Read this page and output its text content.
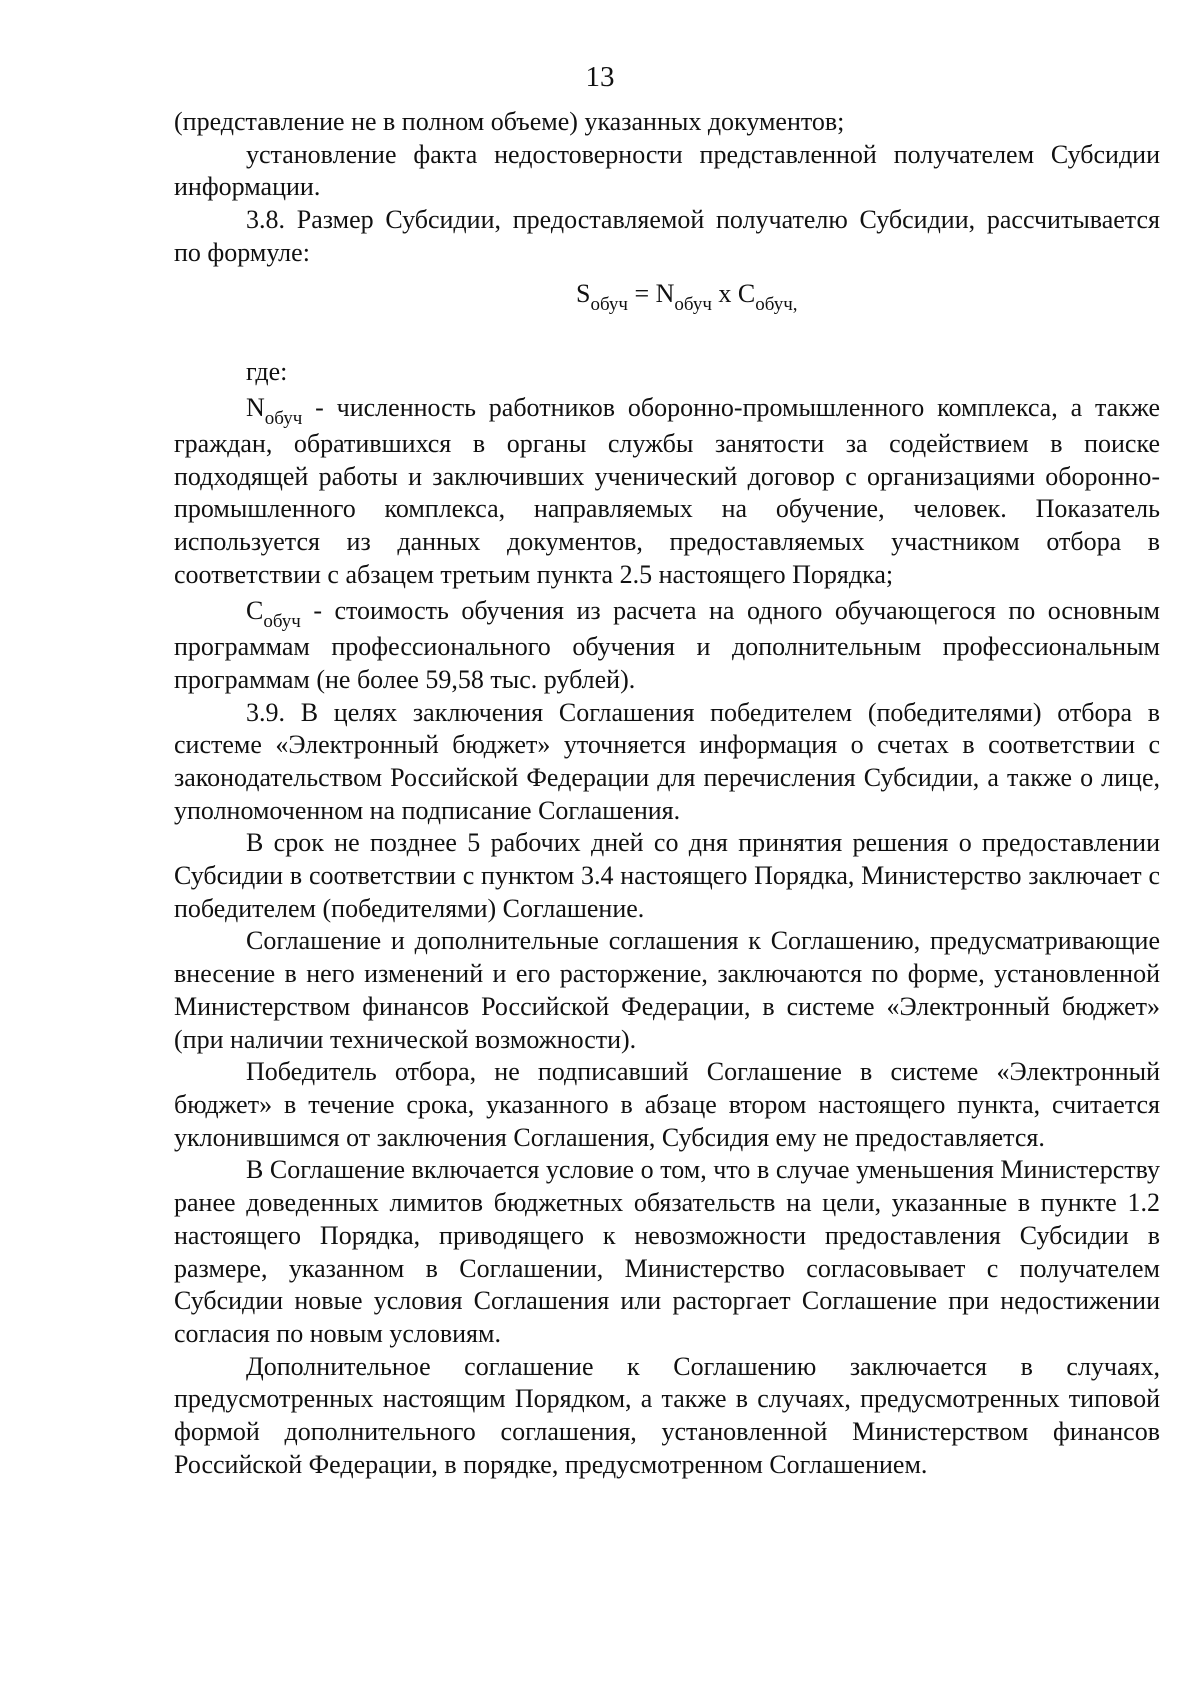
13

(представление не в полном объеме) указанных документов;

установление факта недостоверности представленной получателем Субсидии информации.

3.8. Размер Субсидии, предоставляемой получателю Субсидии, рассчитывается по формуле:

$S_{обуч} = N_{обуч}$ x $C_{обуч,}$

где:

$N_{обуч}$ - численность работников оборонно-промышленного комплекса, а также граждан, обратившихся в органы службы занятости за содействием в поиске подходящей работы и заключивших ученический договор с организациями оборонно-промышленного комплекса, направляемых на обучение, человек. Показатель используется из данных документов, предоставляемых участником отбора в соответствии с абзацем третьим пункта 2.5 настоящего Порядка;

$C_{обуч}$ - стоимость обучения из расчета на одного обучающегося по основным программам профессионального обучения и дополнительным профессиональным программам (не более 59,58 тыс. рублей).

3.9. В целях заключения Соглашения победителем (победителями) отбора в системе «Электронный бюджет» уточняется информация о счетах в соответствии с законодательством Российской Федерации для перечисления Субсидии, а также о лице, уполномоченном на подписание Соглашения.

В срок не позднее 5 рабочих дней со дня принятия решения о предоставлении Субсидии в соответствии с пунктом 3.4 настоящего Порядка, Министерство заключает с победителем (победителями) Соглашение.

Соглашение и дополнительные соглашения к Соглашению, предусматривающие внесение в него изменений и его расторжение, заключаются по форме, установленной Министерством финансов Российской Федерации, в системе «Электронный бюджет» (при наличии технической возможности).

Победитель отбора, не подписавший Соглашение в системе «Электронный бюджет» в течение срока, указанного в абзаце втором настоящего пункта, считается уклонившимся от заключения Соглашения, Субсидия ему не предоставляется.

В Соглашение включается условие о том, что в случае уменьшения Министерству ранее доведенных лимитов бюджетных обязательств на цели, указанные в пункте 1.2 настоящего Порядка, приводящего к невозможности предоставления Субсидии в размере, указанном в Соглашении, Министерство согласовывает с получателем Субсидии новые условия Соглашения или расторгает Соглашение при недостижении согласия по новым условиям.

Дополнительное соглашение к Соглашению заключается в случаях, предусмотренных настоящим Порядком, а также в случаях, предусмотренных типовой формой дополнительного соглашения, установленной Министерством финансов Российской Федерации, в порядке, предусмотренном Соглашением.
